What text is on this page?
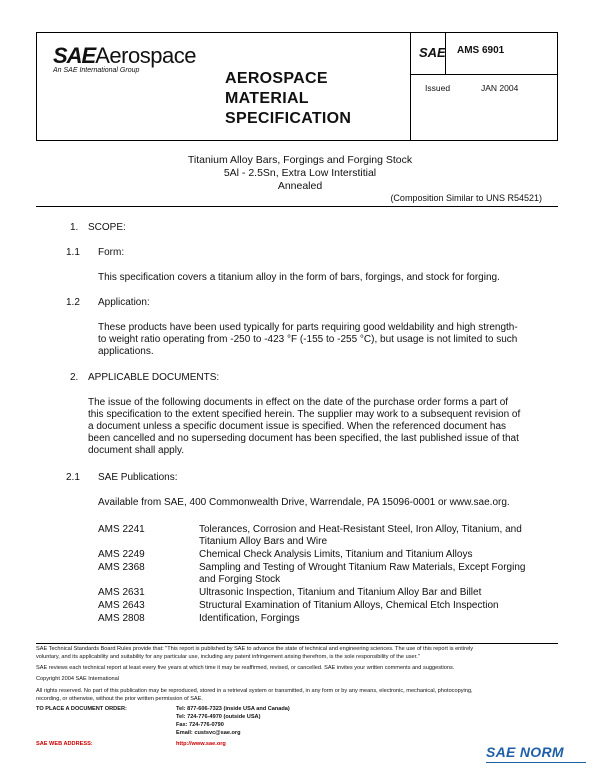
SAEAerospace
An SAE International Group	AEROSPACE
MATERIAL
SPECIFICATION
SAE AMS 6901
Issued	JAN 2004
Titanium Alloy Bars, Forgings and Forging Stock
5Al - 2.5Sn, Extra Low Interstitial
Annealed
(Composition Similar to UNS R54521)
1. SCOPE:
1.1 Form:
This specification covers a titanium alloy in the form of bars, forgings, and stock for forging.
1.2 Application:
These products have been used typically for parts requiring good weldability and high strength-
to weight ratio operating from -250 to -423 °F (-155 to -255 °C), but usage is not limited to such
applications.
2. APPLICABLE DOCUMENTS:
The issue of the following documents in effect on the date of the purchase order forms a part of
this specification to the extent specified herein. The supplier may work to a subsequent revision of
a document unless a specific document issue is specified. When the referenced document has
been cancelled and no superseding document has been specified, the last published issue of that
document shall apply.
2.1 SAE Publications:
Available from SAE, 400 Commonwealth Drive, Warrendale, PA 15096-0001 or www.sae.org.
AMS 2241	Tolerances, Corrosion and Heat-Resistant Steel, Iron Alloy, Titanium, and
Titanium Alloy Bars and Wire
AMS 2249	Chemical Check Analysis Limits, Titanium and Titanium Alloys
AMS 2368	Sampling and Testing of Wrought Titanium Raw Materials, Except Forging
and Forging Stock
AMS 2631	Ultrasonic Inspection, Titanium and Titanium Alloy Bar and Billet
AMS 2643	Structural Examination of Titanium Alloys, Chemical Etch Inspection
AMS 2808	Identification, Forgings
SAE Technical Standards Board Rules provide that: "This report is published by SAE to advance the state of technical and engineering sciences. The use of this report is entirely
voluntary, and its applicability and suitability for any particular use, including any patent infringement arising therefrom, is the sole responsibility of the user."
SAE reviews each technical report at least every five years at which time it may be reaffirmed, revised, or cancelled. SAE invites your written comments and suggestions.
Copyright 2004 SAE International
All rights reserved. No part of this publication may be reproduced, stored in a retrieval system or transmitted, in any form or by any means, electronic, mechanical, photocopying,
recording, or otherwise, without the prior written permission of SAE.
TO PLACE A DOCUMENT ORDER:	Tel: 877-606-7323 (inside USA and Canada)
Tel: 724-776-4970 (outside USA)
Fax: 724-776-0790
Email: custsvc@sae.org
SAE WEB ADDRESS:	http://www.sae.org	SAE NORM
